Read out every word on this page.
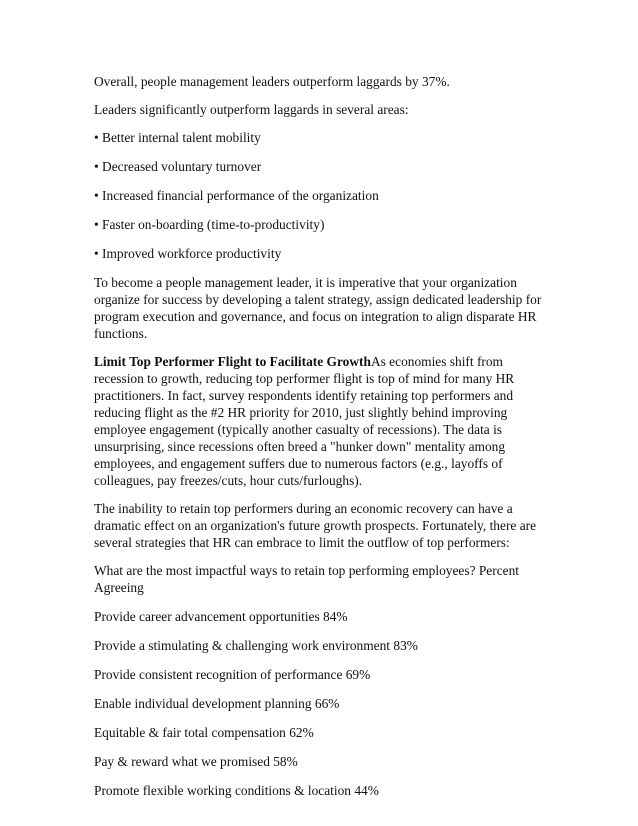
Overall, people management leaders outperform laggards by 37%.

Leaders significantly outperform laggards in several areas:

• Better internal talent mobility

• Decreased voluntary turnover

• Increased financial performance of the organization

• Faster on-boarding (time-to-productivity)

• Improved workforce productivity

To become a people management leader, it is imperative that your organization organize for success by developing a talent strategy, assign dedicated leadership for program execution and governance, and focus on integration to align disparate HR functions.

Limit Top Performer Flight to Facilitate GrowthAs economies shift from recession to growth, reducing top performer flight is top of mind for many HR practitioners. In fact, survey respondents identify retaining top performers and reducing flight as the #2 HR priority for 2010, just slightly behind improving employee engagement (typically another casualty of recessions). The data is unsurprising, since recessions often breed a "hunker down" mentality among employees, and engagement suffers due to numerous factors (e.g., layoffs of colleagues, pay freezes/cuts, hour cuts/furloughs).

The inability to retain top performers during an economic recovery can have a dramatic effect on an organization's future growth prospects. Fortunately, there are several strategies that HR can embrace to limit the outflow of top performers:

What are the most impactful ways to retain top performing employees? Percent Agreeing

Provide career advancement opportunities 84%

Provide a stimulating & challenging work environment 83%

Provide consistent recognition of performance 69%

Enable individual development planning 66%

Equitable & fair total compensation 62%

Pay & reward what we promised 58%

Promote flexible working conditions & location 44%
